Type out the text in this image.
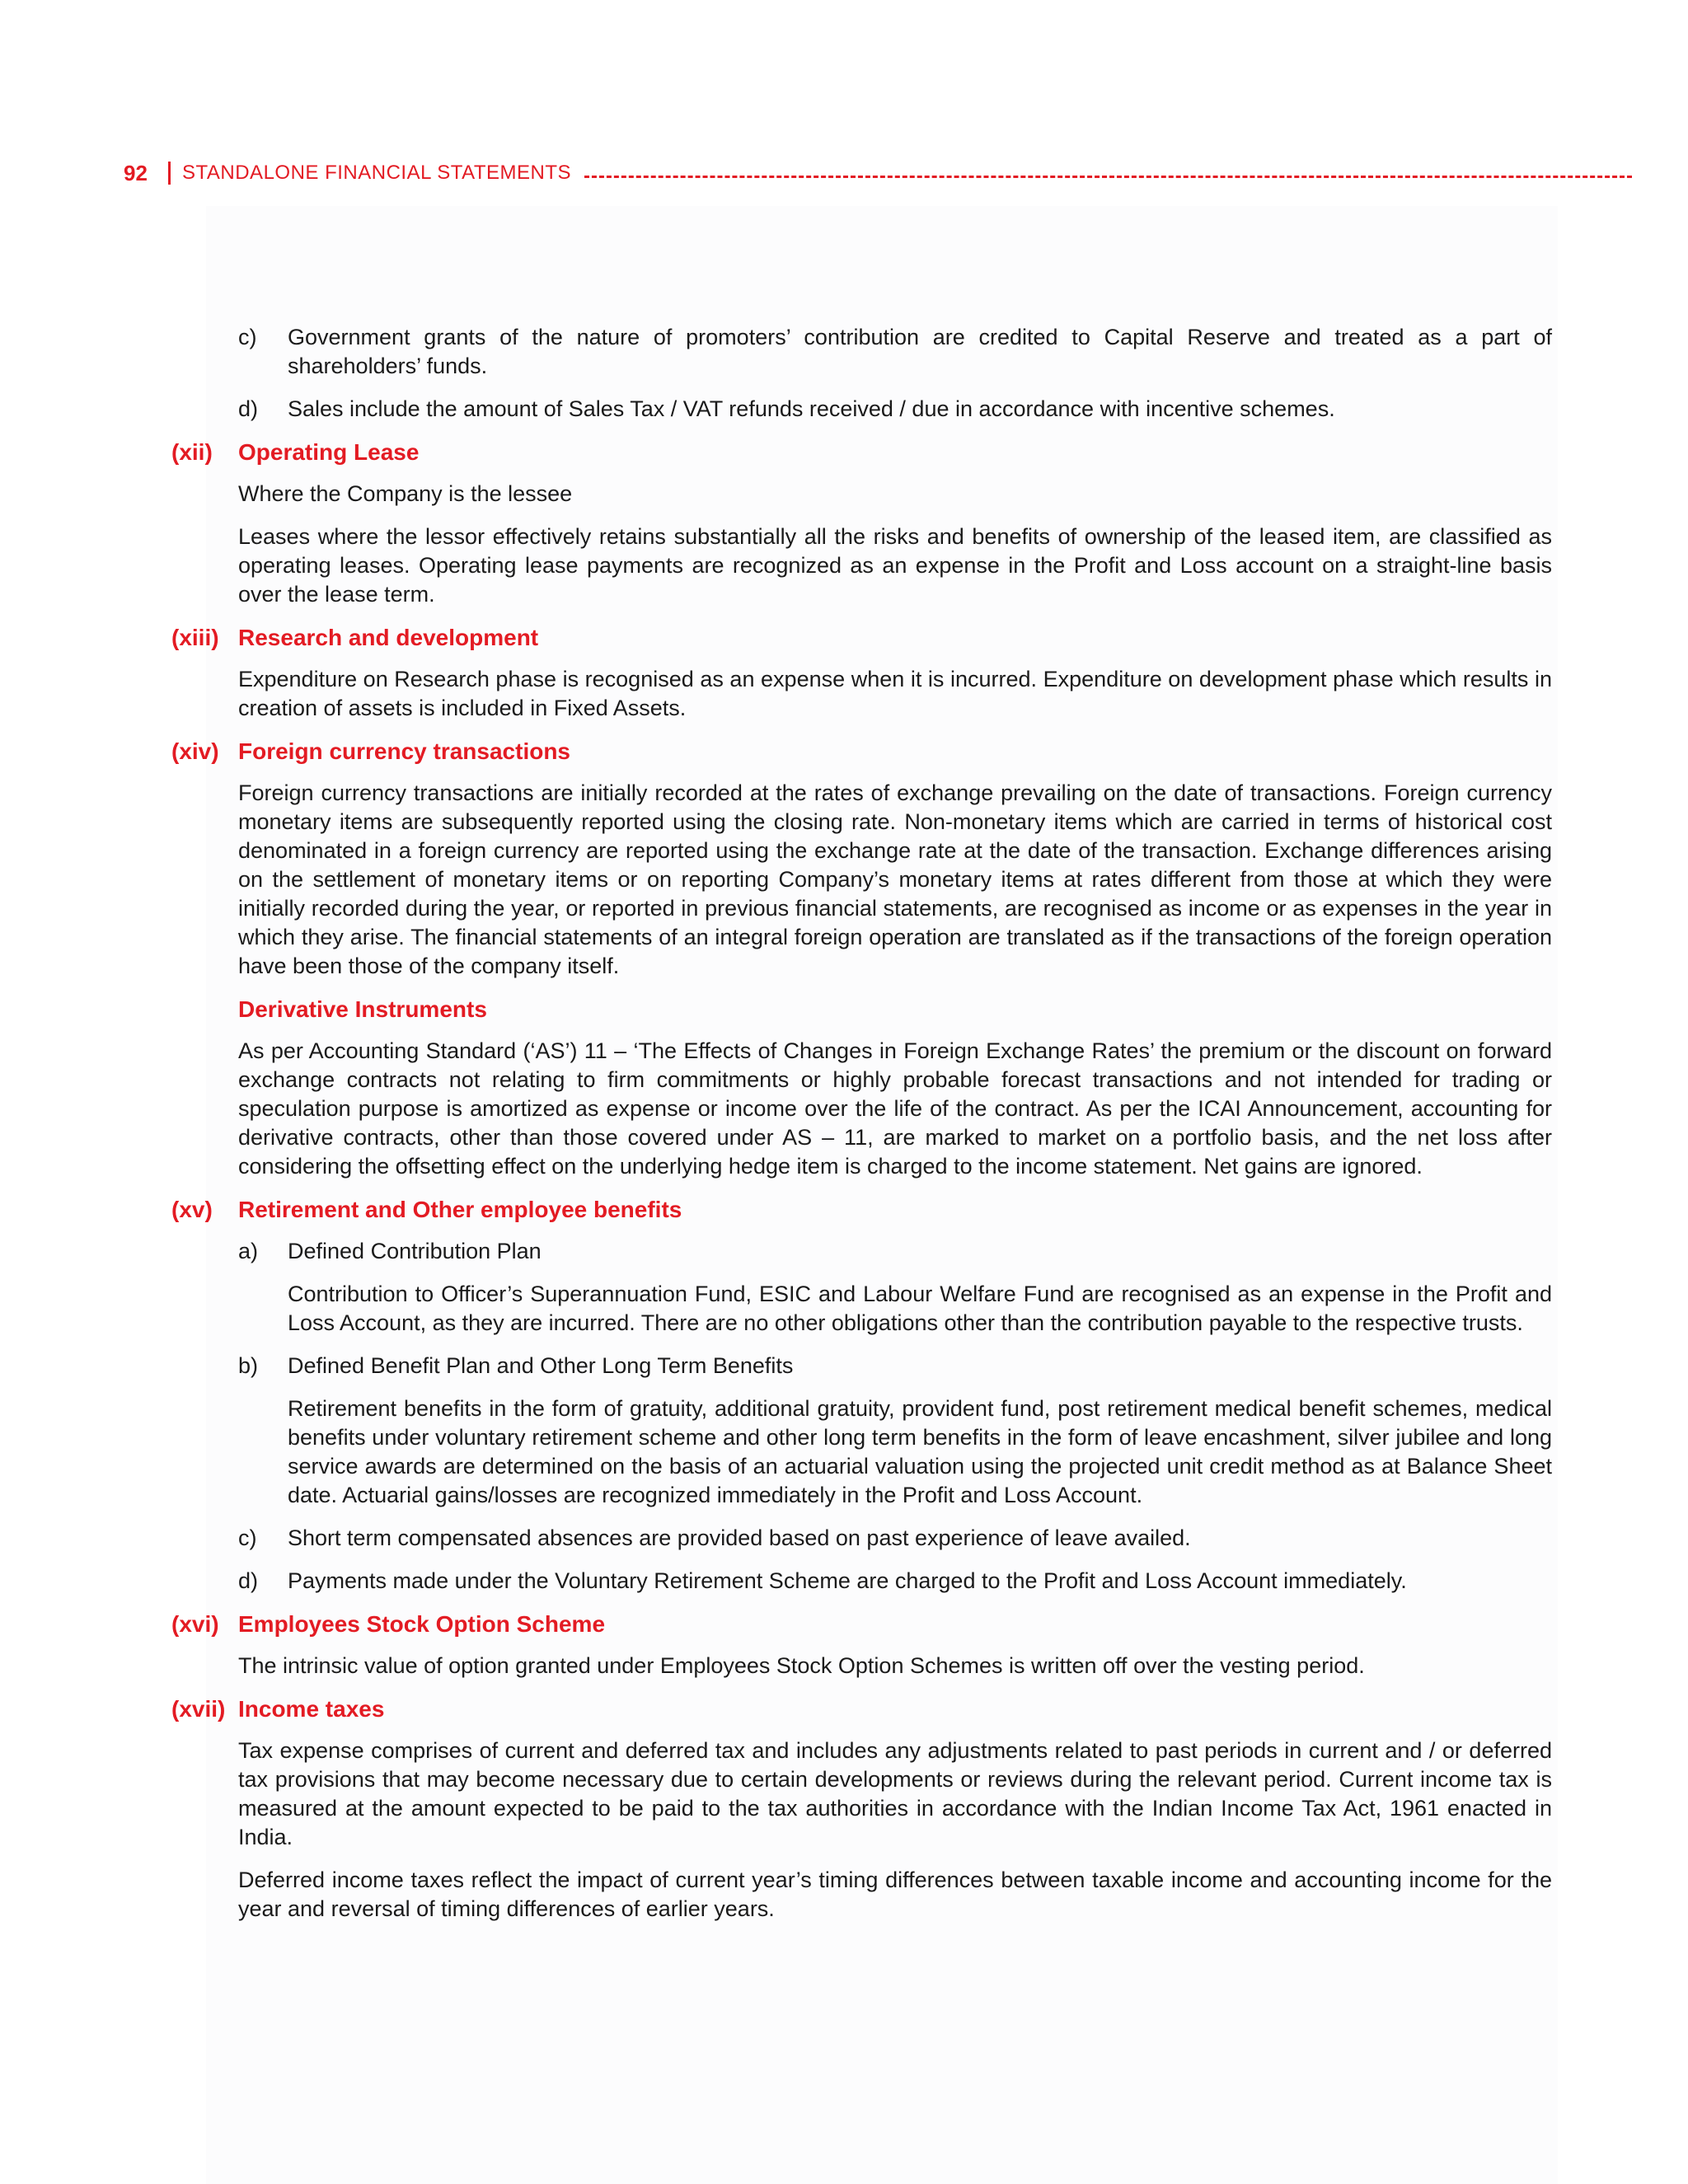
92	STANDALONE FINANCIAL STATEMENTS
c)	Government grants of the nature of promoters’ contribution are credited to Capital Reserve and treated as a part of shareholders’ funds.
d)	Sales include the amount of Sales Tax / VAT refunds received / due in accordance with incentive schemes.
(xii)	Operating Lease
Where the Company is the lessee
Leases where the lessor effectively retains substantially all the risks and benefits of ownership of the leased item, are classified as operating leases. Operating lease payments are recognized as an expense in the Profit and Loss account on a straight-line basis over the lease term.
(xiii) Research and development
Expenditure on Research phase is recognised as an expense when it is incurred. Expenditure on development phase which results in creation of assets is included in Fixed Assets.
(xiv) Foreign currency transactions
Foreign currency transactions are initially recorded at the rates of exchange prevailing on the date of transactions. Foreign currency monetary items are subsequently reported using the closing rate. Non-monetary items which are carried in terms of historical cost denominated in a foreign currency are reported using the exchange rate at the date of the transaction. Exchange differences arising on the settlement of monetary items or on reporting Company’s monetary items at rates different from those at which they were initially recorded during the year, or reported in previous financial statements, are recognised as income or as expenses in the year in which they arise. The financial statements of an integral foreign operation are translated as if the transactions of the foreign operation have been those of the company itself.
Derivative Instruments
As per Accounting Standard (‘AS’) 11 – ‘The Effects of Changes in Foreign Exchange Rates’ the premium or the discount on forward exchange contracts not relating to firm commitments or highly probable forecast transactions and not intended for trading or speculation purpose is amortized as expense or income over the life of the contract. As per the ICAI Announcement, accounting for derivative contracts, other than those covered under AS – 11, are marked to market on a portfolio basis, and the net loss after considering the offsetting effect on the underlying hedge item is charged to the income statement. Net gains are ignored.
(xv)	Retirement and Other employee benefits
a)	Defined Contribution Plan
Contribution to Officer’s Superannuation Fund, ESIC and Labour Welfare Fund are recognised as an expense in the Profit and Loss Account, as they are incurred. There are no other obligations other than the contribution payable to the respective trusts.
b)	Defined Benefit Plan and Other Long Term Benefits
Retirement benefits in the form of gratuity, additional gratuity, provident fund, post retirement medical benefit schemes, medical benefits under voluntary retirement scheme and other long term benefits in the form of leave encashment, silver jubilee and long service awards are determined on the basis of an actuarial valuation using the projected unit credit method as at Balance Sheet date. Actuarial gains/losses are recognized immediately in the Profit and Loss Account.
c)	Short term compensated absences are provided based on past experience of leave availed.
d)	Payments made under the Voluntary Retirement Scheme are charged to the Profit and Loss Account immediately.
(xvi) Employees Stock Option Scheme
The intrinsic value of option granted under Employees Stock Option Schemes is written off over the vesting period.
(xvii) Income taxes
Tax expense comprises of current and deferred tax and includes any adjustments related to past periods in current and / or deferred tax provisions that may become necessary due to certain developments or reviews during the relevant period. Current income tax is measured at the amount expected to be paid to the tax authorities in accordance with the Indian Income Tax Act, 1961 enacted in India.
Deferred income taxes reflect the impact of current year’s timing differences between taxable income and accounting income for the year and reversal of timing differences of earlier years.
